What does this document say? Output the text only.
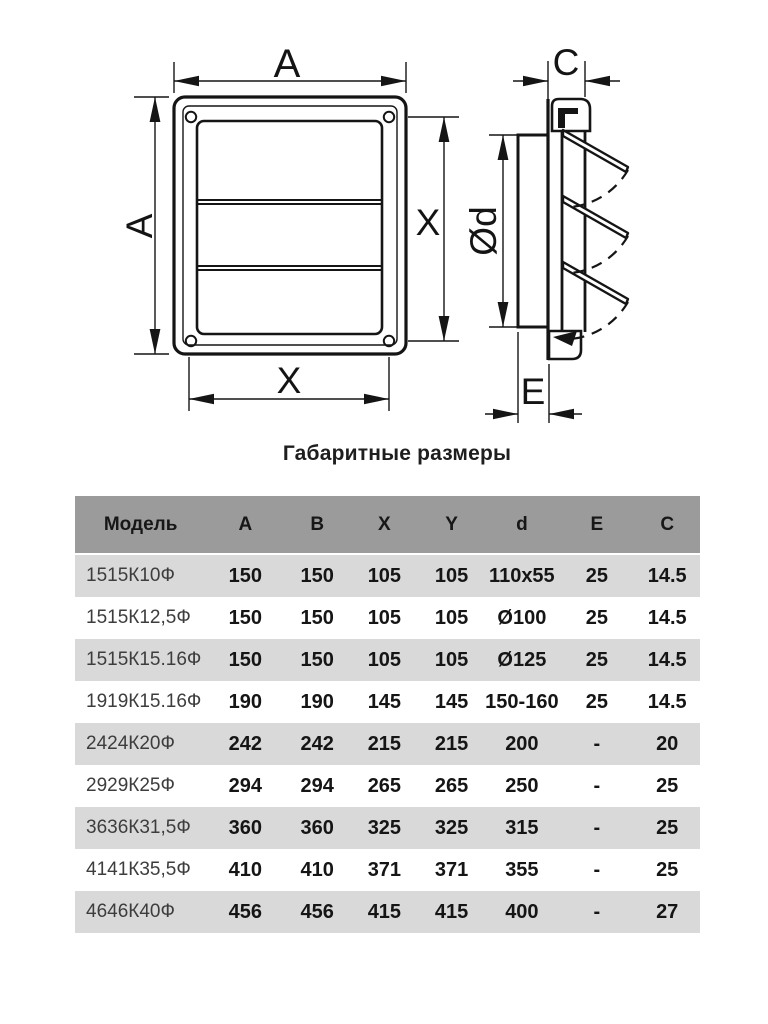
A
A	X
X
C
Ød
E
Габаритные размеры
Модель	A	B	X	Y	d	E	C
1515К10Ф	150	150	105	105	110x55	25	14.5
1515К12,5Ф	150	150	105	105	Ø100	25	14.5
1515К15.16Ф	150	150	105	105	Ø125	25	14.5
1919К15.16Ф	190	190	145	145	150-160	25	14.5
2424К20Ф	242	242	215	215	200	-	20
2929К25Ф	294	294	265	265	250	-	25
3636К31,5Ф	360	360	325	325	315	-	25
4141К35,5Ф	410	410	371	371	355	-	25
4646К40Ф	456	456	415	415	400	-	27
